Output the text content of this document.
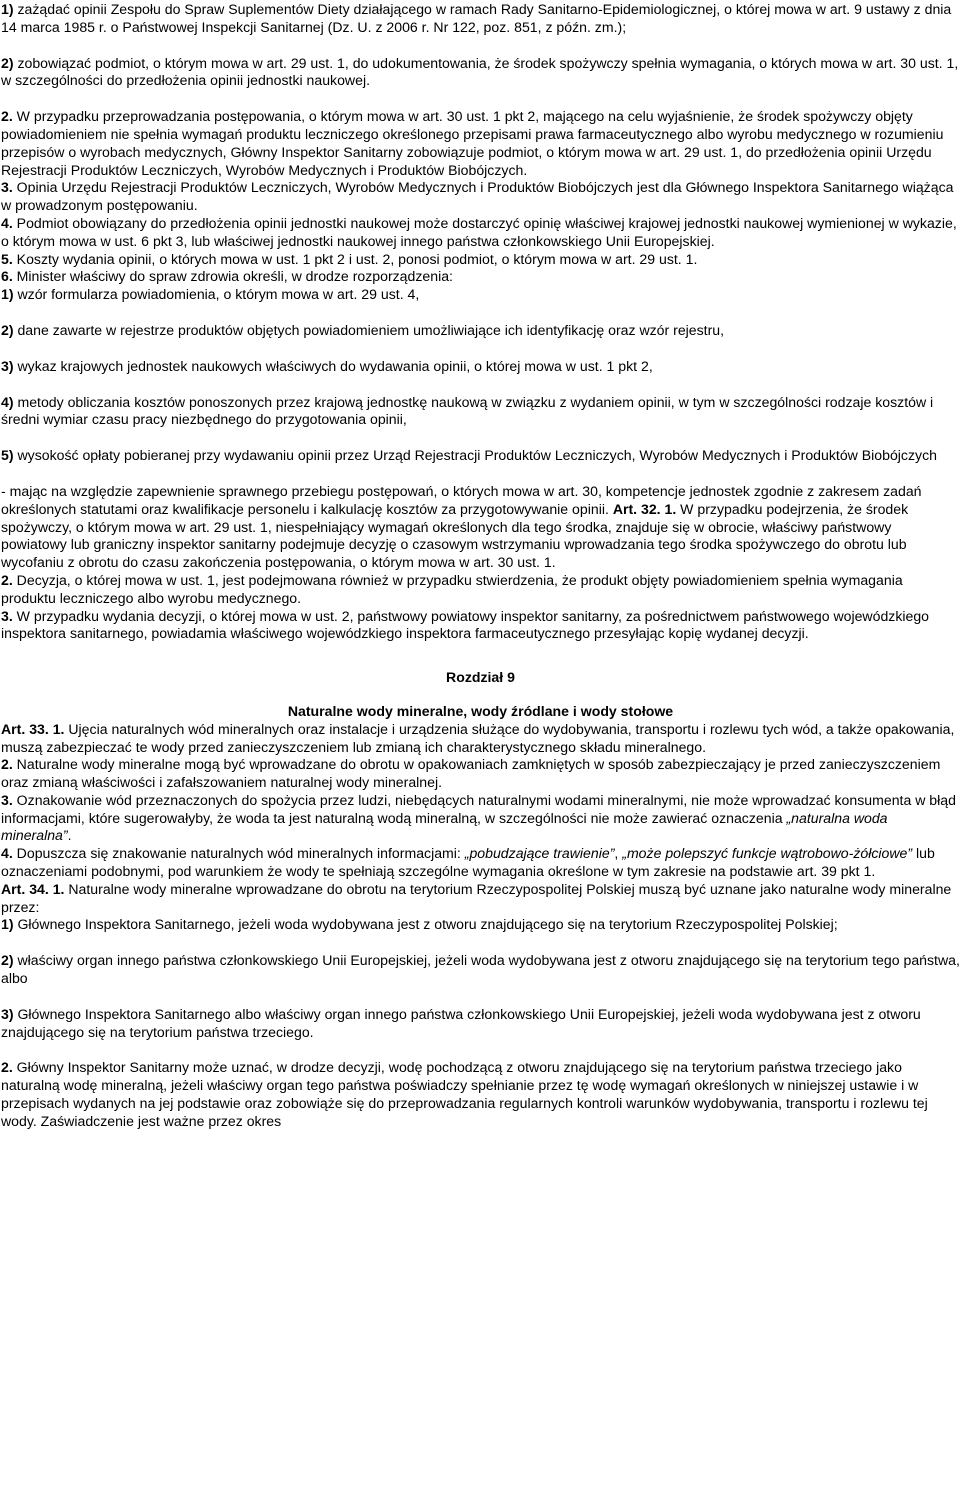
1) zażądać opinii Zespołu do Spraw Suplementów Diety działającego w ramach Rady Sanitarno-Epidemiologicznej, o której mowa w art. 9 ustawy z dnia 14 marca 1985 r. o Państwowej Inspekcji Sanitarnej (Dz. U. z 2006 r. Nr 122, poz. 851, z późn. zm.);

2) zobowiązać podmiot, o którym mowa w art. 29 ust. 1, do udokumentowania, że środek spożywczy spełnia wymagania, o których mowa w art. 30 ust. 1, w szczególności do przedłożenia opinii jednostki naukowej.

2. W przypadku przeprowadzania postępowania, o którym mowa w art. 30 ust. 1 pkt 2, mającego na celu wyjaśnienie, że środek spożywczy objęty powiadomieniem nie spełnia wymagań produktu leczniczego określonego przepisami prawa farmaceutycznego albo wyrobu medycznego w rozumieniu przepisów o wyrobach medycznych, Główny Inspektor Sanitarny zobowiązuje podmiot, o którym mowa w art. 29 ust. 1, do przedłożenia opinii Urzędu Rejestracji Produktów Leczniczych, Wyrobów Medycznych i Produktów Biobójczych.

3. Opinia Urzędu Rejestracji Produktów Leczniczych, Wyrobów Medycznych i Produktów Biobójczych jest dla Głównego Inspektora Sanitarnego wiążąca w prowadzonym postępowaniu.

4. Podmiot obowiązany do przedłożenia opinii jednostki naukowej może dostarczyć opinię właściwej krajowej jednostki naukowej wymienionej w wykazie, o którym mowa w ust. 6 pkt 3, lub właściwej jednostki naukowej innego państwa członkowskiego Unii Europejskiej.

5. Koszty wydania opinii, o których mowa w ust. 1 pkt 2 i ust. 2, ponosi podmiot, o którym mowa w art. 29 ust. 1.

6. Minister właściwy do spraw zdrowia określi, w drodze rozporządzenia:

1) wzór formularza powiadomienia, o którym mowa w art. 29 ust. 4,

2) dane zawarte w rejestrze produktów objętych powiadomieniem umożliwiające ich identyfikację oraz wzór rejestru,

3) wykaz krajowych jednostek naukowych właściwych do wydawania opinii, o której mowa w ust. 1 pkt 2,

4) metody obliczania kosztów ponoszonych przez krajową jednostkę naukową w związku z wydaniem opinii, w tym w szczególności rodzaje kosztów i średni wymiar czasu pracy niezbędnego do przygotowania opinii,

5) wysokość opłaty pobieranej przy wydawaniu opinii przez Urząd Rejestracji Produktów Leczniczych, Wyrobów Medycznych i Produktów Biobójczych

- mając na względzie zapewnienie sprawnego przebiegu postępowań, o których mowa w art. 30, kompetencje jednostek zgodnie z zakresem zadań określonych statutami oraz kwalifikacje personelu i kalkulację kosztów za przygotowywanie opinii. Art. 32. 1. W przypadku podejrzenia, że środek spożywczy, o którym mowa w art. 29 ust. 1, niespełniający wymagań określonych dla tego środka, znajduje się w obrocie, właściwy państwowy powiatowy lub graniczny inspektor sanitarny podejmuje decyzję o czasowym wstrzymaniu wprowadzania tego środka spożywczego do obrotu lub wycofaniu z obrotu do czasu zakończenia postępowania, o którym mowa w art. 30 ust. 1.

2. Decyzja, o której mowa w ust. 1, jest podejmowana również w przypadku stwierdzenia, że produkt objęty powiadomieniem spełnia wymagania produktu leczniczego albo wyrobu medycznego.

3. W przypadku wydania decyzji, o której mowa w ust. 2, państwowy powiatowy inspektor sanitarny, za pośrednictwem państwowego wojewódzkiego inspektora sanitarnego, powiadamia właściwego wojewódzkiego inspektora farmaceutycznego przesyłając kopię wydanej decyzji.

Rozdział 9

Naturalne wody mineralne, wody źródlane i wody stołowe

Art. 33. 1. Ujęcia naturalnych wód mineralnych oraz instalacje i urządzenia służące do wydobywania, transportu i rozlewu tych wód, a także opakowania, muszą zabezpieczać te wody przed zanieczyszczeniem lub zmianą ich charakterystycznego składu mineralnego.

2. Naturalne wody mineralne mogą być wprowadzane do obrotu w opakowaniach zamkniętych w sposób zabezpieczający je przed zanieczyszczeniem oraz zmianą właściwości i zafałszowaniem naturalnej wody mineralnej.

3. Oznakowanie wód przeznaczonych do spożycia przez ludzi, niebędących naturalnymi wodami mineralnymi, nie może wprowadzać konsumenta w błąd informacjami, które sugerowałyby, że woda ta jest naturalną wodą mineralną, w szczególności nie może zawierać oznaczenia „naturalna woda mineralna”.

4. Dopuszcza się znakowanie naturalnych wód mineralnych informacjami: „pobudzające trawienie”, „może polepszyć funkcje wątrobowo-żółciowe” lub oznaczeniami podobnymi, pod warunkiem że wody te spełniają szczególne wymagania określone w tym zakresie na podstawie art. 39 pkt 1.

Art. 34. 1. Naturalne wody mineralne wprowadzane do obrotu na terytorium Rzeczypospolitej Polskiej muszą być uznane jako naturalne wody mineralne przez:

1) Głównego Inspektora Sanitarnego, jeżeli woda wydobywana jest z otworu znajdującego się na terytorium Rzeczypospolitej Polskiej;

2) właściwy organ innego państwa członkowskiego Unii Europejskiej, jeżeli woda wydobywana jest z otworu znajdującego się na terytorium tego państwa, albo

3) Głównego Inspektora Sanitarnego albo właściwy organ innego państwa członkowskiego Unii Europejskiej, jeżeli woda wydobywana jest z otworu znajdującego się na terytorium państwa trzeciego.

2. Główny Inspektor Sanitarny może uznać, w drodze decyzji, wodę pochodzącą z otworu znajdującego się na terytorium państwa trzeciego jako naturalną wodę mineralną, jeżeli właściwy organ tego państwa poświadczy spełnianie przez tę wodę wymagań określonych w niniejszej ustawie i w przepisach wydanych na jej podstawie oraz zobowiąże się do przeprowadzania regularnych kontroli warunków wydobywania, transportu i rozlewu tej wody. Zaświadczenie jest ważne przez okres
